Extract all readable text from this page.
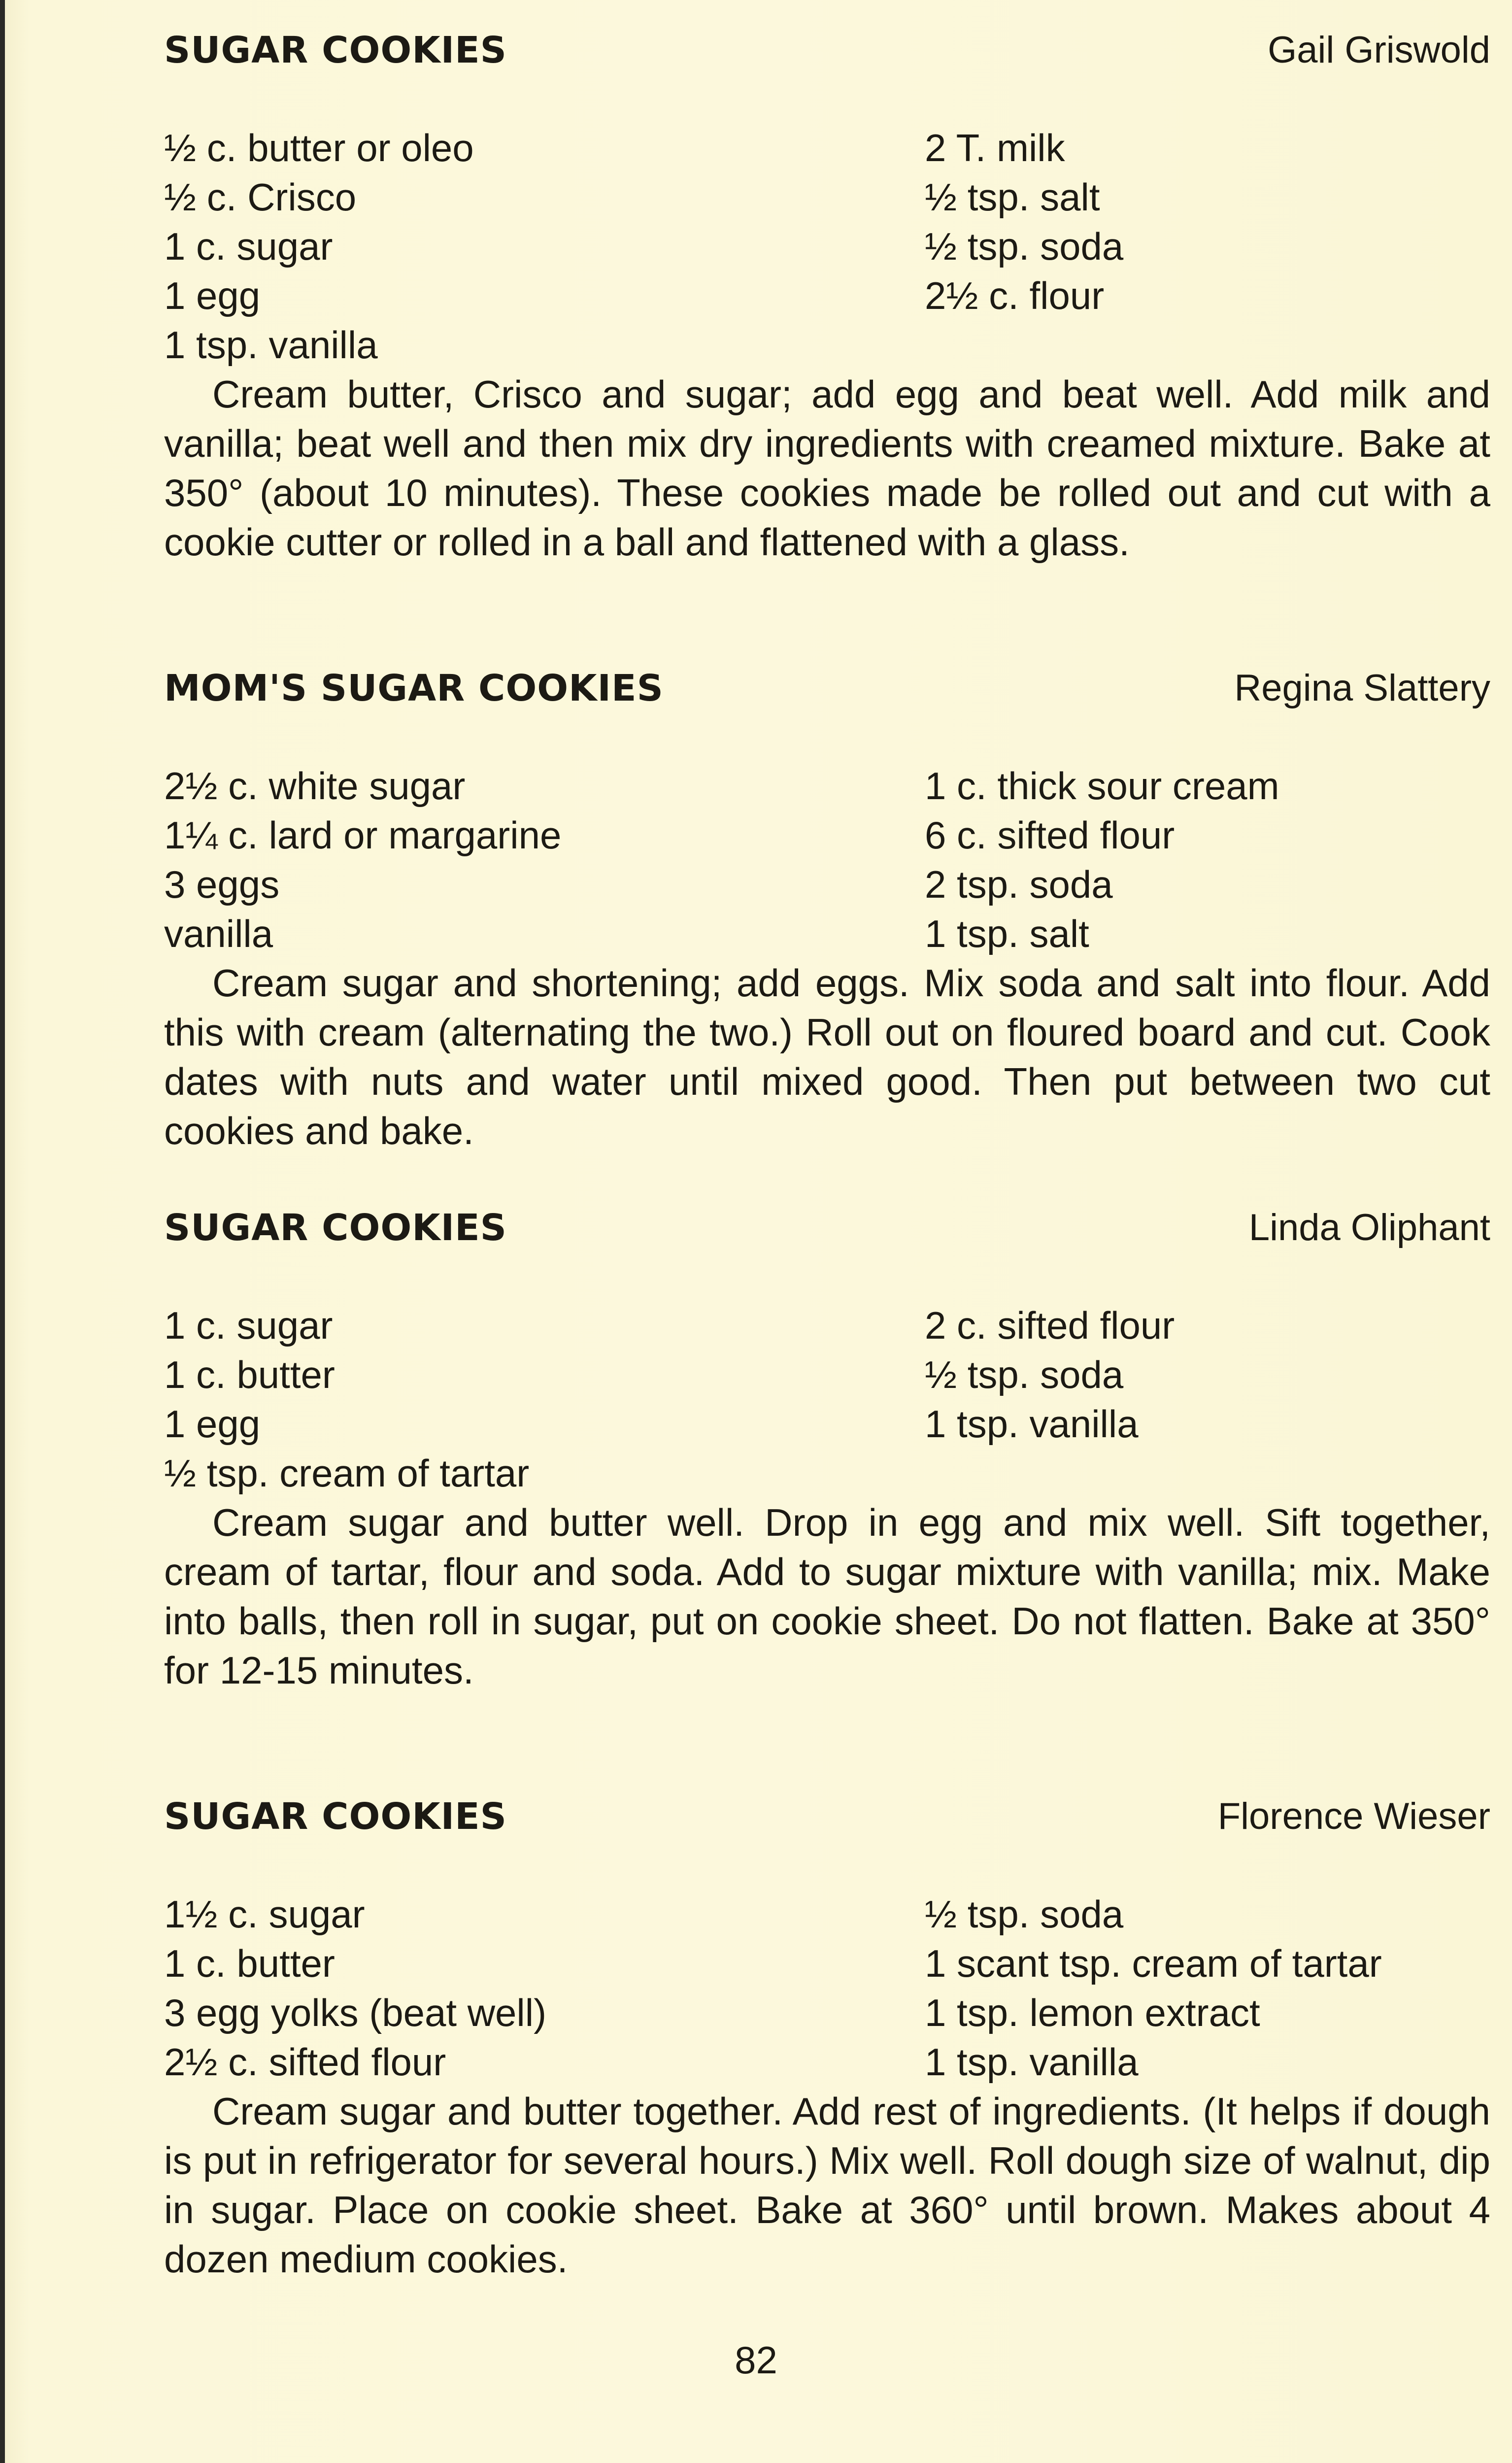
SUGAR COOKIES	Gail Griswold
½ c. butter or oleo	2 T. milk
½ c. Crisco	½ tsp. salt
1 c. sugar	½ tsp. soda
1 egg	2½ c. flour
1 tsp. vanilla

Cream butter, Crisco and sugar; add egg and beat well. Add milk and vanilla; beat well and then mix dry ingredients with creamed mixture. Bake at 350° (about 10 minutes). These cookies made be rolled out and cut with a cookie cutter or rolled in a ball and flattened with a glass.

MOM'S SUGAR COOKIES	Regina Slattery
2½ c. white sugar	1 c. thick sour cream
1¼ c. lard or margarine	6 c. sifted flour
3 eggs	2 tsp. soda
vanilla	1 tsp. salt

Cream sugar and shortening; add eggs. Mix soda and salt into flour. Add this with cream (alternating the two.) Roll out on floured board and cut. Cook dates with nuts and water until mixed good. Then put between two cut cookies and bake.

SUGAR COOKIES	Linda Oliphant
1 c. sugar	2 c. sifted flour
1 c. butter	½ tsp. soda
1 egg	1 tsp. vanilla
½ tsp. cream of tartar

Cream sugar and butter well. Drop in egg and mix well. Sift together, cream of tartar, flour and soda. Add to sugar mixture with vanilla; mix. Make into balls, then roll in sugar, put on cookie sheet. Do not flatten. Bake at 350° for 12-15 minutes.

SUGAR COOKIES	Florence Wieser
1½ c. sugar	½ tsp. soda
1 c. butter	1 scant tsp. cream of tartar
3 egg yolks (beat well)	1 tsp. lemon extract
2½ c. sifted flour	1 tsp. vanilla

Cream sugar and butter together. Add rest of ingredients. (It helps if dough is put in refrigerator for several hours.) Mix well. Roll dough size of walnut, dip in sugar. Place on cookie sheet. Bake at 360° until brown. Makes about 4 dozen medium cookies.

82
